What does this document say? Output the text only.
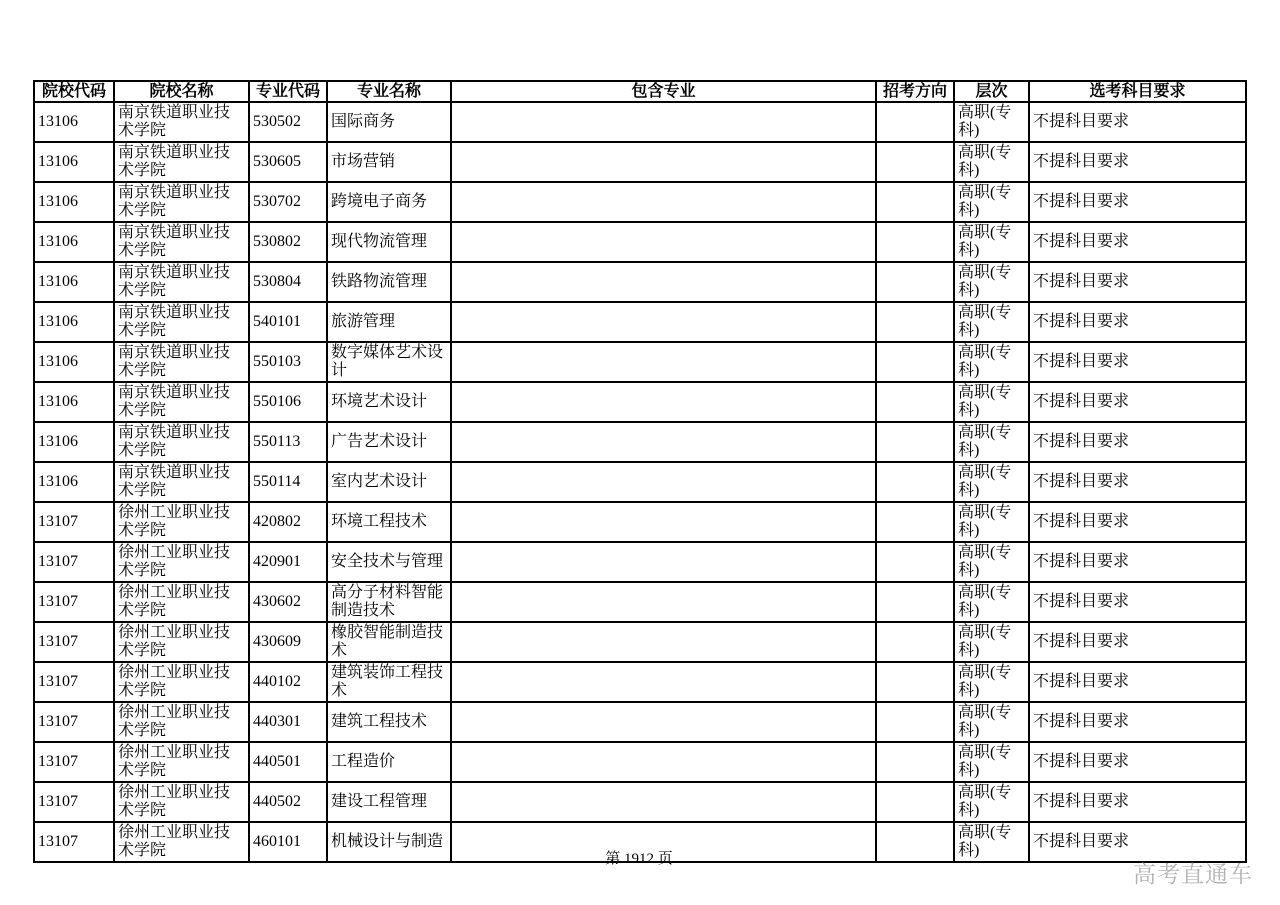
院校代码	院校名称	专业代码	专业名称	包含专业	招考方向	层次	选考科目要求
13106	南京铁道职业技术学院	530502	国际商务			高职(专科)	不提科目要求
13106	南京铁道职业技术学院	530605	市场营销			高职(专科)	不提科目要求
13106	南京铁道职业技术学院	530702	跨境电子商务			高职(专科)	不提科目要求
13106	南京铁道职业技术学院	530802	现代物流管理			高职(专科)	不提科目要求
13106	南京铁道职业技术学院	530804	铁路物流管理			高职(专科)	不提科目要求
13106	南京铁道职业技术学院	540101	旅游管理			高职(专科)	不提科目要求
13106	南京铁道职业技术学院	550103	数字媒体艺术设计			高职(专科)	不提科目要求
13106	南京铁道职业技术学院	550106	环境艺术设计			高职(专科)	不提科目要求
13106	南京铁道职业技术学院	550113	广告艺术设计			高职(专科)	不提科目要求
13106	南京铁道职业技术学院	550114	室内艺术设计			高职(专科)	不提科目要求
13107	徐州工业职业技术学院	420802	环境工程技术			高职(专科)	不提科目要求
13107	徐州工业职业技术学院	420901	安全技术与管理			高职(专科)	不提科目要求
13107	徐州工业职业技术学院	430602	高分子材料智能制造技术			高职(专科)	不提科目要求
13107	徐州工业职业技术学院	430609	橡胶智能制造技术			高职(专科)	不提科目要求
13107	徐州工业职业技术学院	440102	建筑装饰工程技术			高职(专科)	不提科目要求
13107	徐州工业职业技术学院	440301	建筑工程技术			高职(专科)	不提科目要求
13107	徐州工业职业技术学院	440501	工程造价			高职(专科)	不提科目要求
13107	徐州工业职业技术学院	440502	建设工程管理			高职(专科)	不提科目要求
13107	徐州工业职业技术学院	460101	机械设计与制造			高职(专科)	不提科目要求
第 1912 页
高考直通车
